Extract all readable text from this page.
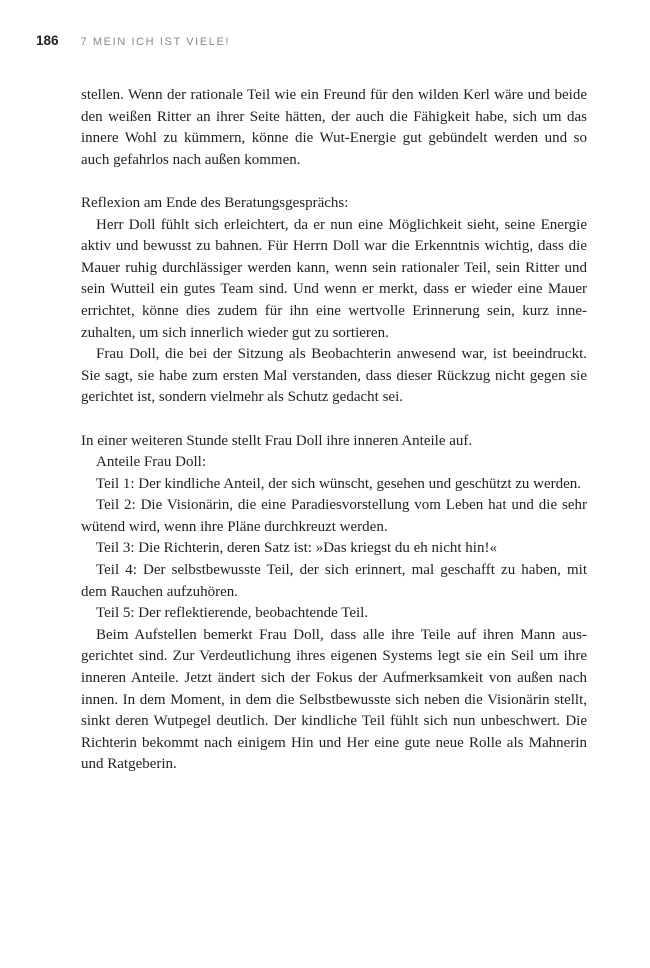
186 7 MEIN ICH IST VIELE!

stellen. Wenn der rationale Teil wie ein Freund für den wilden Kerl wäre und beide den weißen Ritter an ihrer Seite hätten, der auch die Fähigkeit habe, sich um das innere Wohl zu kümmern, könne die Wut-Energie gut gebündelt werden und so auch gefahrlos nach außen kommen.

Reflexion am Ende des Beratungsgesprächs:

Herr Doll fühlt sich erleichtert, da er nun eine Möglichkeit sieht, seine Energie aktiv und bewusst zu bahnen. Für Herrn Doll war die Erkenntnis wichtig, dass die Mauer ruhig durchlässiger werden kann, wenn sein rationaler Teil, sein Ritter und sein Wutteil ein gutes Team sind. Und wenn er merkt, dass er wieder eine Mauer errichtet, könne dies zudem für ihn eine wertvolle Erinnerung sein, kurz innezuhalten, um sich innerlich wieder gut zu sortieren.

Frau Doll, die bei der Sitzung als Beobachterin anwesend war, ist beeindruckt. Sie sagt, sie habe zum ersten Mal verstanden, dass dieser Rückzug nicht gegen sie gerichtet ist, sondern vielmehr als Schutz gedacht sei.

In einer weiteren Stunde stellt Frau Doll ihre inneren Anteile auf.

Anteile Frau Doll:

Teil 1: Der kindliche Anteil, der sich wünscht, gesehen und geschützt zu werden.

Teil 2: Die Visionärin, die eine Paradiesvorstellung vom Leben hat und die sehr wütend wird, wenn ihre Pläne durchkreuzt werden.

Teil 3: Die Richterin, deren Satz ist: »Das kriegst du eh nicht hin!«

Teil 4: Der selbstbewusste Teil, der sich erinnert, mal geschafft zu haben, mit dem Rauchen aufzuhören.

Teil 5: Der reflektierende, beobachtende Teil.

Beim Aufstellen bemerkt Frau Doll, dass alle ihre Teile auf ihren Mann ausgerichtet sind. Zur Verdeutlichung ihres eigenen Systems legt sie ein Seil um ihre inneren Anteile. Jetzt ändert sich der Fokus der Aufmerksamkeit von außen nach innen. In dem Moment, in dem die Selbstbewusste sich neben die Visionärin stellt, sinkt deren Wutpegel deutlich. Der kindliche Teil fühlt sich nun unbeschwert. Die Richterin bekommt nach einigem Hin und Her eine gute neue Rolle als Mahnerin und Ratgeberin.
